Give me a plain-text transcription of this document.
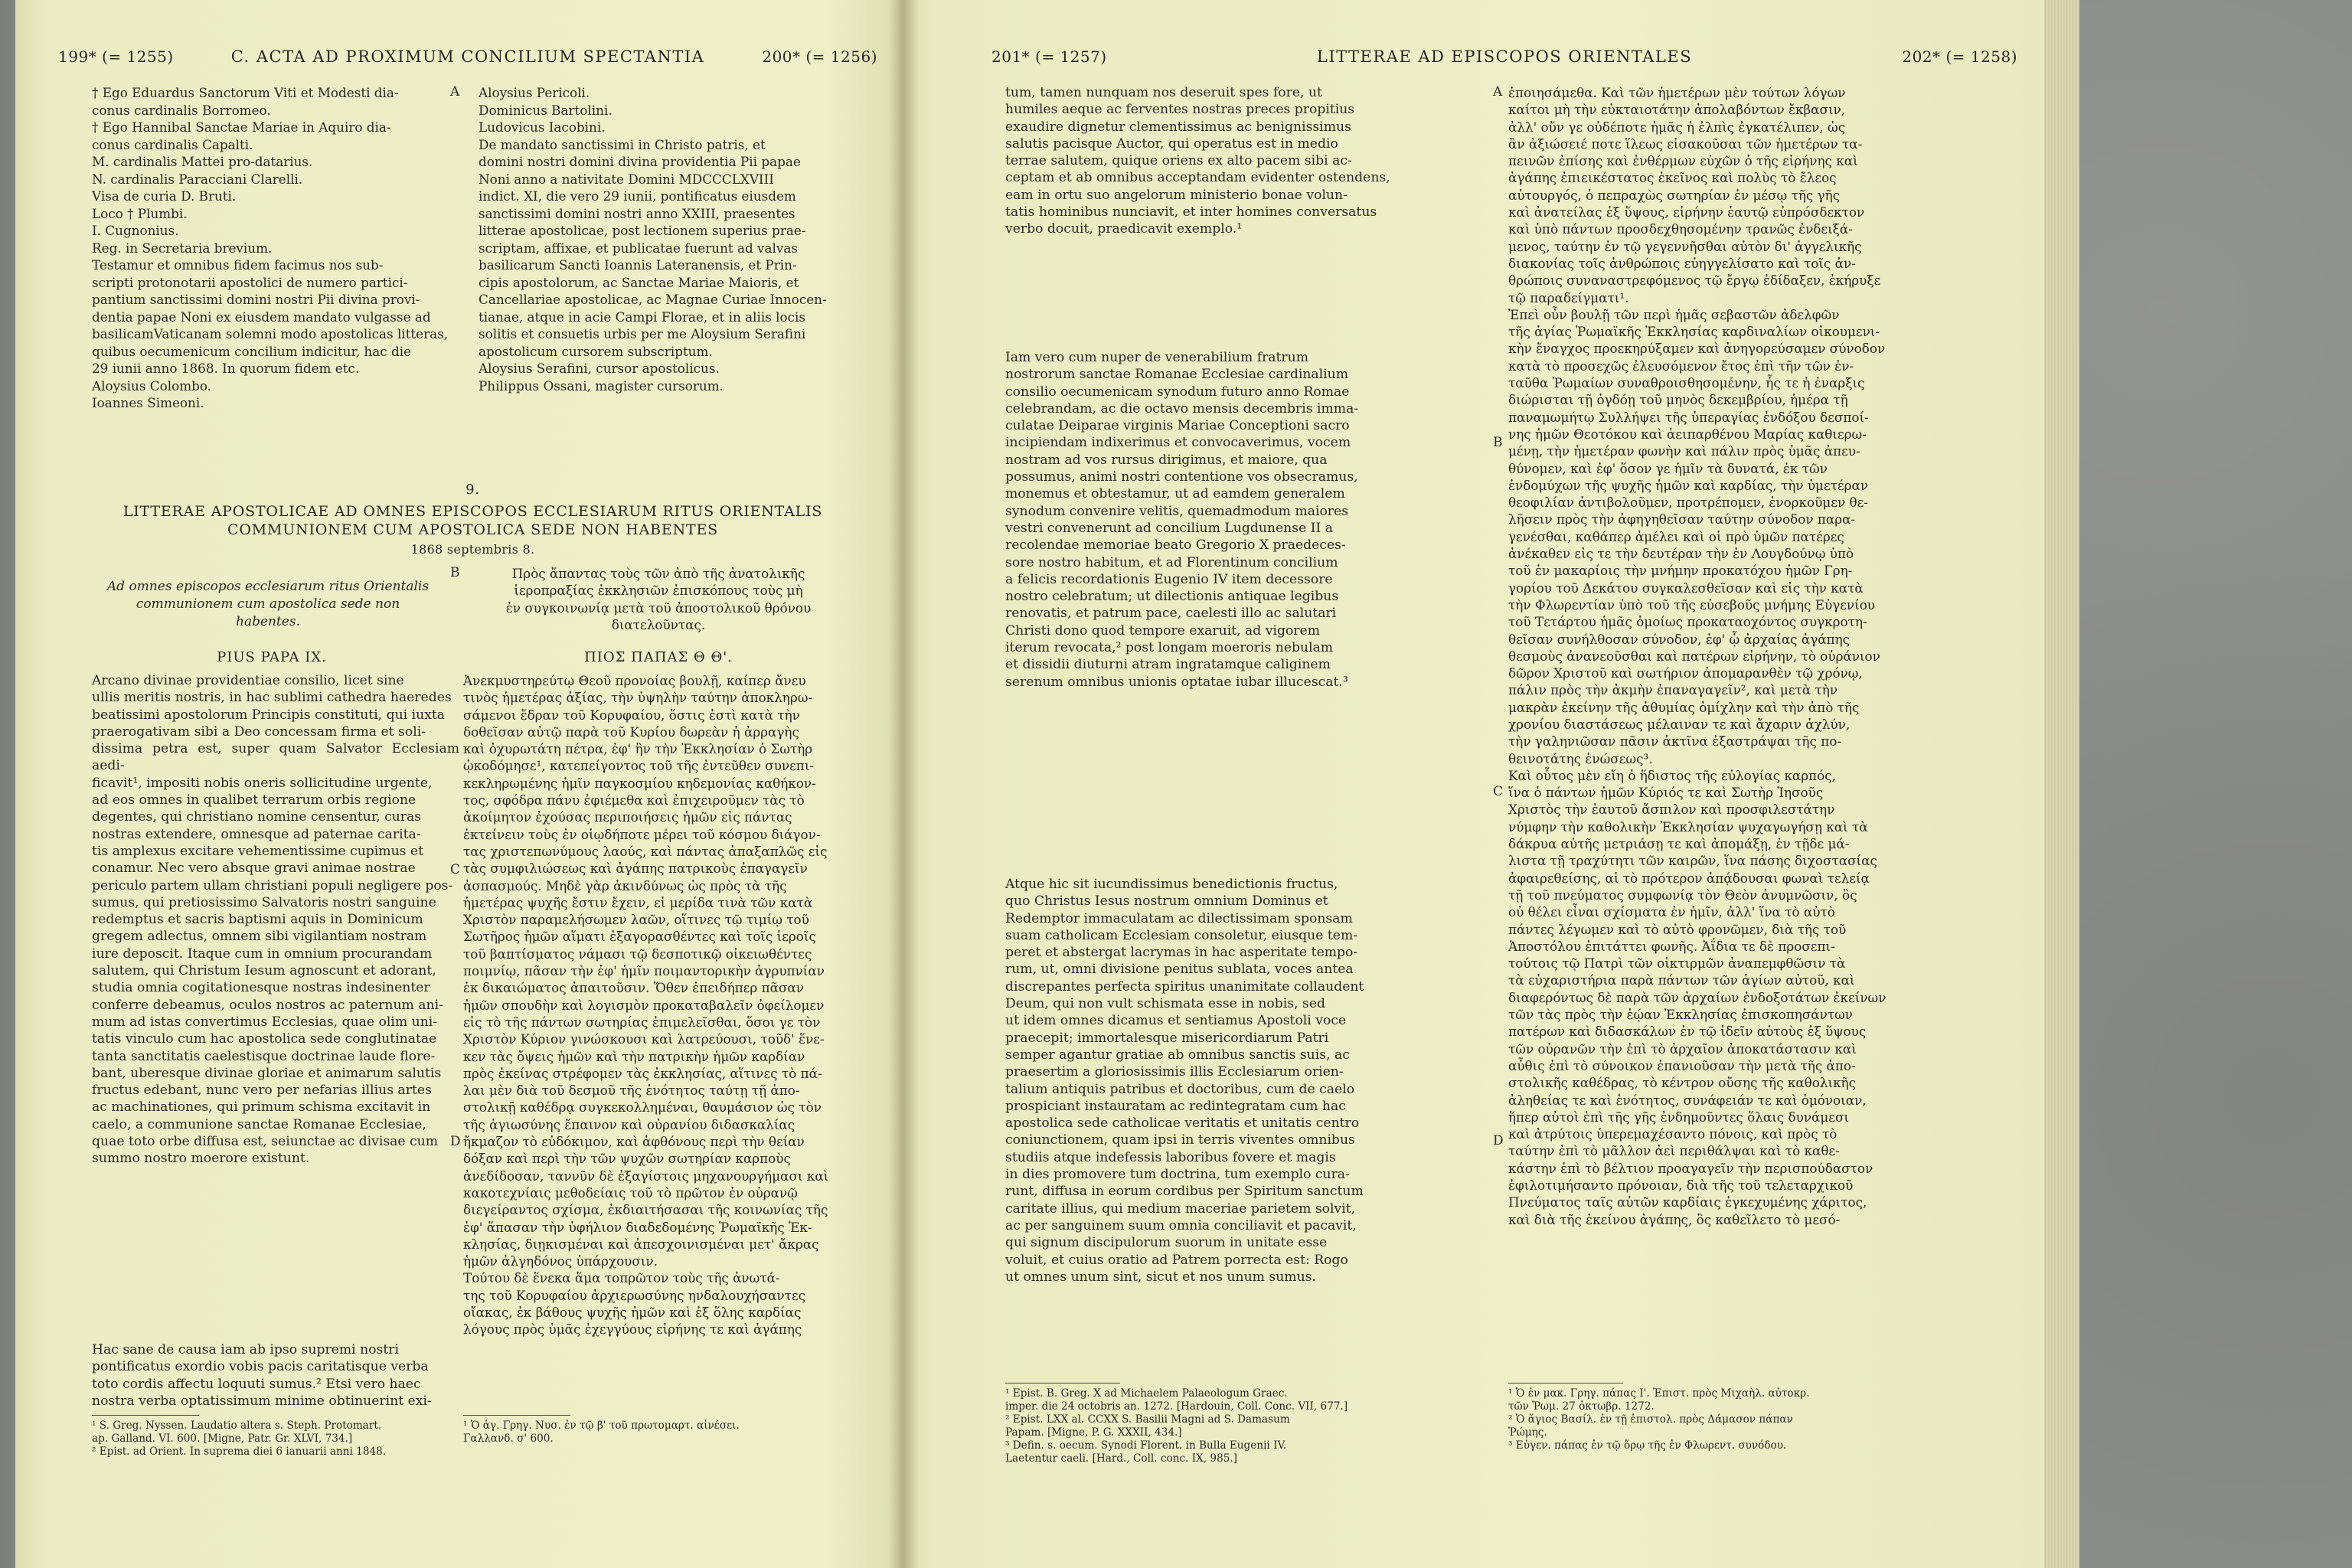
199* (= 1255)	C. ACTA AD PROXIMUM CONCILIUM SPECTANTIA	200* (= 1256)
† Ego Eduardus Sanctorum Viti et Modesti dia-
conus cardinalis Borromeo.
† Ego Hannibal Sanctae Mariae in Aquiro dia-
conus cardinalis Capalti.
M. cardinalis Mattei pro-datarius.
N. cardinalis Paracciani Clarelli.
Visa de curia D. Bruti.
Loco † Plumbi.
I. Cugnonius.
Reg. in Secretaria brevium.
Testamur et omnibus fidem facimus nos sub-
scripti protonotarii apostolici de numero partici-
pantium sanctissimi domini nostri Pii divina provi-
dentia papae Noni ex eiusdem mandato vulgasse ad
basilicamVaticanam solemni modo apostolicas litteras,
quibus oecumenicum concilium indicitur, hac die
29 iunii anno 1868. In quorum fidem etc.
Aloysius Colombo.
Ioannes Simeoni.
A Aloysius Pericoli.
Dominicus Bartolini.
Ludovicus Iacobini.
De mandato sanctissimi in Christo patris, et
domini nostri domini divina providentia Pii papae
Noni anno a nativitate Domini MDCCCLXVIII
indict. XI, die vero 29 iunii, pontificatus eiusdem
sanctissimi domini nostri anno XXIII, praesentes
litterae apostolicae, post lectionem superius prae-
scriptam, affixae, et publicatae fuerunt ad valvas
basilicarum Sancti Ioannis Lateranensis, et Prin-
cipis apostolorum, ac Sanctae Mariae Maioris, et
Cancellariae apostolicae, ac Magnae Curiae Innocen-
tianae, atque in acie Campi Florae, et in aliis locis
solitis et consuetis urbis per me Aloysium Serafini
apostolicum cursorem subscriptum.
Aloysius Serafini, cursor apostolicus.
Philippus Ossani, magister cursorum.
9.
LITTERAE APOSTOLICAE AD OMNES EPISCOPOS ECCLESIARUM RITUS ORIENTALIS
COMMUNIONEM CUM APOSTOLICA SEDE NON HABENTES
1868 septembris 8.
Ad omnes episcopos ecclesiarum ritus Orientalis
communionem cum apostolica sede non
habentes.
B	Πρὸς ἅπαντας τοὺς τῶν ἀπὸ τῆς ἀνατολικῆς
ἱεροπραξίας ἐκκλησιῶν ἐπισκόπους τοὺς μὴ
ἐν συγκοινωνίᾳ μετὰ τοῦ ἀποστολικοῦ θρόνου
διατελοῦντας.
PIUS PAPA IX.	ΠΙΟΣ ΠΑΠΑΣ Θ Θ'.
Arcano divinae providentiae consilio, licet sine
ullis meritis nostris, in hac sublimi cathedra haeredes
beatissimi apostolorum Principis constituti, qui iuxta
praerogativam sibi a Deo concessam firma et soli-
dissima petra est, super quam Salvator Ecclesiam aedi-
ficavit¹, impositi nobis oneris sollicitudine urgente,
ad eos omnes in qualibet terrarum orbis regione
degentes, qui christiano nomine censentur, curas
nostras extendere, omnesque ad paternae carita-
tis amplexus excitare vehementissime cupimus et
conamur. Nec vero absque gravi animae nostrae
periculo partem ullam christiani populi negligere pos-
sumus, qui pretiosissimo Salvatoris nostri sanguine
redemptus et sacris baptismi aquis in Dominicum
gregem adlectus, omnem sibi vigilantiam nostram
iure deposcit. Itaque cum in omnium procurandam
salutem, qui Christum Iesum agnoscunt et adorant,
studia omnia cogitationesque nostras indesinenter
conferre debeamus, oculos nostros ac paternum ani-
mum ad istas convertimus Ecclesias, quae olim uni-
tatis vinculo cum hac apostolica sede conglutinatae
tanta sanctitatis caelestisque doctrinae laude flore-
bant, uberesque divinae gloriae et animarum salutis
fructus edebant, nunc vero per nefarias illius artes
ac machinationes, qui primum schisma excitavit in
caelo, a communione sanctae Romanae Ecclesiae,
quae toto orbe diffusa est, seiunctae ac divisae cum
summo nostro moerore existunt.
C
D
Ἀνεκμυστηρεύτῳ Θεοῦ προνοίας βουλῇ, καίπερ ἄνευ
τινὸς ἡμετέρας ἀξίας, τὴν ὑψηλὴν ταύτην ἀποκληρω-
σάμενοι ἕδραν τοῦ Κορυφαίου, ὅστις ἐστὶ κατὰ τὴν
δοθεῖσαν αὐτῷ παρὰ τοῦ Κυρίου δωρεὰν ἡ ἀρραγὴς
καὶ ὀχυρωτάτη πέτρα, ἐφ' ἣν τὴν Ἐκκλησίαν ὁ Σωτὴρ
ᾠκοδόμησε¹, κατεπείγοντος τοῦ τῆς ἐντεῦθεν συνεπι-
κεκληρωμένης ἡμῖν παγκοσμίου κηδεμονίας καθήκον-
τος, σφόδρα πάνυ ἐφιέμεθα καὶ ἐπιχειροῦμεν τὰς τὸ
ἀκοίμητον ἐχούσας περιποιήσεις ἡμῶν εἰς πάντας
ἐκτείνειν τοὺς ἐν οἱῳδήποτε μέρει τοῦ κόσμου διάγον-
τας χριστεπωνύμους λαούς, καὶ πάντας ἀπαξαπλῶς εἰς
τὰς συμφιλιώσεως καὶ ἀγάπης πατρικοὺς ἐπαγαγεῖν
ἀσπασμούς. Μηδὲ γὰρ ἀκινδύνως ὡς πρὸς τὰ τῆς
ἡμετέρας ψυχῆς ἔστιν ἔχειν, εἰ μερίδα τινὰ τῶν κατὰ
Χριστὸν παραμελήσωμεν λαῶν, οἵτινες τῷ τιμίῳ τοῦ
Σωτῆρος ἡμῶν αἵματι ἐξαγορασθέντες καὶ τοῖς ἱεροῖς
τοῦ βαπτίσματος νάμασι τῷ δεσποτικῷ οἰκειωθέντες
ποιμνίῳ, πᾶσαν τὴν ἐφ' ἡμῖν ποιμαντορικὴν ἀγρυπνίαν
ἐκ δικαιώματος ἀπαιτοῦσιν. Ὅθεν ἐπειδήπερ πᾶσαν
ἡμῶν σπουδὴν καὶ λογισμὸν προκαταβαλεῖν ὀφείλομεν
εἰς τὸ τῆς πάντων σωτηρίας ἐπιμελεῖσθαι, ὅσοι γε τὸν
Χριστὸν Κύριον γινώσκουσι καὶ λατρεύουσι, τοῦδ' ἕνε-
κεν τὰς ὄψεις ἡμῶν καὶ τὴν πατρικὴν ἡμῶν καρδίαν
πρὸς ἐκείνας στρέφομεν τὰς ἐκκλησίας, αἵτινες τὸ πά-
λαι μὲν διὰ τοῦ δεσμοῦ τῆς ἑνότητος ταύτῃ τῇ ἀπο-
στολικῇ καθέδρᾳ συγκεκολλημέναι, θαυμάσιον ὡς τὸν
τῆς ἁγιωσύνης ἔπαινον καὶ οὐρανίου διδασκαλίας
ἤκμαζον τὸ εὐδόκιμον, καὶ ἀφθόνους περὶ τὴν θείαν
δόξαν καὶ περὶ τὴν τῶν ψυχῶν σωτηρίαν καρποὺς
ἀνεδίδοσαν, ταννῦν δὲ ἐξαγίστοις μηχανουργήμασι καὶ
κακοτεχνίαις μεθοδείαις τοῦ τὸ πρῶτον ἐν οὐρανῷ
διεγείραντος σχίσμα, ἐκδιαιτήσασαι τῆς κοινωνίας τῆς
ἐφ' ἅπασαν τὴν ὑφήλιον διαδεδομένης Ῥωμαϊκῆς Ἐκ-
κλησίας, διῃκισμέναι καὶ ἀπεσχοινισμέναι μετ' ἄκρας
ἡμῶν ἀλγηδόνος ὑπάρχουσιν.
Τούτου δὲ ἕνεκα ἅμα τοπρῶτον τοὺς τῆς ἀνωτά-
της τοῦ Κορυφαίου ἀρχιερωσύνης ηνδαλουχήσαντες
οἴακας, ἐκ βάθους ψυχῆς ἡμῶν καὶ ἐξ ὅλης καρδίας
λόγους πρὸς ὑμᾶς ἐχεγγύους εἰρήνης τε καὶ ἀγάπης
Hac sane de causa iam ab ipso supremi nostri
pontificatus exordio vobis pacis caritatisque verba
toto cordis affectu loquuti sumus.² Etsi vero haec
nostra verba optatissimum minime obtinuerint exi-
¹ S. Greg. Nyssen. Laudatio altera s. Steph. Protomart.
ap. Galland. VI. 600. [Migne, Patr. Gr. XLVI, 734.]
² Epist. ad Orient. In suprema diei 6 ianuarii anni 1848.
¹ Ὁ ἁγ. Γρηγ. Νυσ. ἐν τῷ β' τοῦ πρωτομαρτ. αἰνέσει.
Γαλλανδ. σ' 600.
201* (= 1257)	LITTERAE AD EPISCOPOS ORIENTALES	202* (= 1258)
tum, tamen nunquam nos deseruit spes fore, ut
humiles aeque ac ferventes nostras preces propitius
exaudire dignetur clementissimus ac benignissimus
salutis pacisque Auctor, qui operatus est in medio
terrae salutem, quique oriens ex alto pacem sibi ac-
ceptam et ab omnibus acceptandam evidenter ostendens,
eam in ortu suo angelorum ministerio bonae volun-
tatis hominibus nunciavit, et inter homines conversatus
verbo docuit, praedicavit exemplo.¹
A
Iam vero cum nuper de venerabilium fratrum
nostrorum sanctae Romanae Ecclesiae cardinalium
consilio oecumenicam synodum futuro anno Romae
celebrandam, ac die octavo mensis decembris imma-
culatae Deiparae virginis Mariae Conceptioni sacro
incipiendam indixerimus et convocaverimus, vocem
nostram ad vos rursus dirigimus, et maiore, qua
possumus, animi nostri contentione vos obsecramus,
monemus et obtestamur, ut ad eamdem generalem
synodum convenire velitis, quemadmodum maiores
vestri convenerunt ad concilium Lugdunense II a
recolendae memoriae beato Gregorio X praedeces-
sore nostro habitum, et ad Florentinum concilium
a felicis recordationis Eugenio IV item decessore
nostro celebratum; ut dilectionis antiquae legibus
renovatis, et patrum pace, caelesti illo ac salutari
Christi dono quod tempore exaruit, ad vigorem
iterum revocata,² post longam moeroris nebulam
et dissidii diuturni atram ingratamque caliginem
serenum omnibus unionis optatae iubar illucescat.³
B
C
Atque hic sit iucundissimus benedictionis fructus,
quo Christus Iesus nostrum omnium Dominus et
Redemptor immaculatam ac dilectissimam sponsam
suam catholicam Ecclesiam consoletur, eiusque tem-
peret et abstergat lacrymas in hac asperitate tempo-
rum, ut, omni divisione penitus sublata, voces antea
discrepantes perfecta spiritus unanimitate collaudent
Deum, qui non vult schismata esse in nobis, sed
ut idem omnes dicamus et sentiamus Apostoli voce
praecepit; immortalesque misericordiarum Patri
semper agantur gratiae ab omnibus sanctis suis, ac
praesertim a gloriosissimis illis Ecclesiarum orien-
talium antiquis patribus et doctoribus, cum de caelo
prospiciant instauratam ac redintegratam cum hac
apostolica sede catholicae veritatis et unitatis centro
coniunctionem, quam ipsi in terris viventes omnibus
studiis atque indefessis laboribus fovere et magis
in dies promovere tum doctrina, tum exemplo cura-
runt, diffusa in eorum cordibus per Spiritum sanctum
caritate illius, qui medium maceriae parietem solvit,
ac per sanguinem suum omnia conciliavit et pacavit,
qui signum discipulorum suorum in unitate esse
voluit, et cuius oratio ad Patrem porrecta est: Rogo
ut omnes unum sint, sicut et nos unum sumus.
D
ἐποιησάμεθα. Καὶ τῶν ἡμετέρων μὲν τούτων λόγων
καίτοι μὴ τὴν εὐκταιοτάτην ἀπολαβόντων ἔκβασιν,
ἀλλ' οὔν γε οὐδέποτε ἡμᾶς ἡ ἐλπὶς ἐγκατέλιπεν, ὡς
ἂν ἀξιώσειέ ποτε ἵλεως εἰσακοῦσαι τῶν ἡμετέρων τα-
πεινῶν ἐπίσης καὶ ἐνθέρμων εὐχῶν ὁ τῆς εἰρήνης καὶ
ἀγάπης ἐπιεικέστατος ἐκεῖνος καὶ πολὺς τὸ ἔλεος
αὐτουργός, ὁ πεπραχὼς σωτηρίαν ἐν μέσῳ τῆς γῆς
καὶ ἀνατείλας ἐξ ὕψους, εἰρήνην ἑαυτῷ εὐπρόσδεκτον
καὶ ὑπὸ πάντων προσδεχθησομένην τρανῶς ἐνδειξά-
μενος, ταύτην ἐν τῷ γεγεννῆσθαι αὐτὸν δι' ἀγγελικῆς
διακονίας τοῖς ἀνθρώποις εὐηγγελίσατο καὶ τοῖς ἀν-
θρώποις συναναστρεφόμενος τῷ ἔργῳ ἐδίδαξεν, ἐκήρυξε
τῷ παραδείγματι¹.
Ἐπεὶ οὖν βουλῇ τῶν περὶ ἡμᾶς σεβαστῶν ἀδελφῶν
τῆς ἁγίας Ῥωμαϊκῆς Ἐκκλησίας καρδιναλίων οἰκουμενι-
κὴν ἔναγχος προεκηρύξαμεν καὶ ἀνηγορεύσαμεν σύνοδον
κατὰ τὸ προσεχῶς ἐλευσόμενον ἔτος ἐπὶ τῆν τῶν ἐν-
ταῦθα Ῥωμαίων συναθροισθησομένην, ἧς τε ἡ ἐναρξις
διώρισται τῇ ὀγδόῃ τοῦ μηνὸς δεκεμβρίου, ἡμέρα τῇ
παναμωμήτῳ Συλλήψει τῆς ὑπεραγίας ἐνδόξου δεσποί-
νης ἡμῶν Θεοτόκου καὶ ἀειπαρθένου Μαρίας καθιερω-
μένῃ, τὴν ἡμετέραν φωνὴν καὶ πάλιν πρὸς ὑμᾶς ἀπευ-
θύνομεν, καὶ ἐφ' ὅσον γε ἡμῖν τὰ δυνατά, ἐκ τῶν
ἐνδομύχων τῆς ψυχῆς ἡμῶν καὶ καρδίας, τὴν ὑμετέραν
θεοφιλίαν ἀντιβολοῦμεν, προτρέπομεν, ἐνορκοῦμεν θε-
λῆσειν πρὸς τὴν ἀφηγηθεῖσαν ταύτην σύνοδον παρα-
γενέσθαι, καθάπερ ἀμέλει καὶ οἱ πρὸ ὑμῶν πατέρες
ἀνέκαθεν εἰς τε τὴν δευτέραν τὴν ἐν Λουγδούνῳ ὑπὸ
τοῦ ἐν μακαρίοις τὴν μνήμην προκατόχου ἡμῶν Γρη-
γορίου τοῦ Δεκάτου συγκαλεσθεῖσαν καὶ εἰς τὴν κατὰ
τὴν Φλωρεντίαν ὑπὸ τοῦ τῆς εὐσεβοῦς μνήμης Εὐγενίου
τοῦ Τετάρτου ἡμᾶς ὁμοίως προκαταοχόντος συγκροτη-
θεῖσαν συνήλθοσαν σύνοδον, ἐφ' ᾧ ἀρχαίας ἀγάπης
θεσμοὺς ἀνανεοῦσθαι καὶ πατέρων εἰρήνην, τὸ οὐράνιον
δῶρον Χριστοῦ καὶ σωτήριον ἀπομαρανθὲν τῷ χρόνῳ,
πάλιν πρὸς τὴν ἀκμὴν ἐπαναγαγεῖν², καὶ μετὰ τὴν
μακρὰν ἐκείνην τῆς ἀθυμίας ὀμίχλην καὶ τὴν ἀπὸ τῆς
χρονίου διαστάσεως μέλαιναν τε καὶ ἄχαριν ἀχλύν,
τὴν γαληνιῶσαν πᾶσιν ἀκτῖνα ἐξαστράψαι τῆς πο-
θεινοτάτης ἑνώσεως³.
Καὶ οὗτος μὲν εἴη ὁ ἥδιστος τῆς εὐλογίας καρπός,
ἵνα ὁ πάντων ἡμῶν Κύριός τε καὶ Σωτὴρ Ἰησοῦς
Χριστὸς τὴν ἑαυτοῦ ἄσπιλον καὶ προσφιλεστάτην
νύμφην τὴν καθολικὴν Ἐκκλησίαν ψυχαγωγήσῃ καὶ τὰ
δάκρυα αὐτῆς μετριάσῃ τε καὶ ἀπομάξῃ, ἐν τῇδε μά-
λιστα τῇ τραχύτητι τῶν καιρῶν, ἵνα πάσης διχοστασίας
ἀφαιρεθείσης, αἱ τὸ πρότερον ἀπᾴδουσαι φωναὶ τελείᾳ
τῇ τοῦ πνεύματος συμφωνίᾳ τὸν Θεὸν ἀνυμνῶσιν, ὃς
οὐ θέλει εἶναι σχίσματα ἐν ἡμῖν, ἀλλ' ἵνα τὸ αὐτὸ
πάντες λέγωμεν καὶ τὸ αὐτὸ φρονῶμεν, διὰ τῆς τοῦ
Ἀποστόλου ἐπιτάττει φωνῆς. Ἀΐδια τε δὲ προσεπι-
τούτοις τῷ Πατρὶ τῶν οἰκτιρμῶν ἀναπεμφθῶσιν τὰ
τὰ εὐχαριστήρια παρὰ πάντων τῶν ἁγίων αὐτοῦ, καὶ
διαφερόντως δὲ παρὰ τῶν ἀρχαίων ἐνδοξοτάτων ἐκείνων
τῶν τὰς πρὸς τὴν ἑῴαν Ἐκκλησίας ἐπισκοπησάντων
πατέρων καὶ διδασκάλων ἐν τῷ ἰδεῖν αὐτοὺς ἐξ ὕψους
τῶν οὐρανῶν τὴν ἐπὶ τὸ ἀρχαῖον ἀποκατάστασιν καὶ
αὖθις ἐπὶ τὸ σύνοικον ἐπανιοῦσαν τὴν μετὰ τῆς ἀπο-
στολικῆς καθέδρας, τὸ κέντρον οὔσης τῆς καθολικῆς
ἀληθείας τε καὶ ἑνότητος, συνάφειάν τε καὶ ὁμόνοιαν,
ἥπερ αὐτοὶ ἐπὶ τῆς γῆς ἐνδημοῦντες ὅλαις δυνάμεσι
καὶ ἀτρύτοις ὑπερεμαχέσαντο πόνοις, καὶ πρὸς τὸ
ταύτην ἐπὶ τὸ μᾶλλον ἀεὶ περιθάλψαι καὶ τὸ καθε-
κάστην ἐπὶ τὸ βέλτιον προαγαγεῖν τὴν περισπούδαστον
ἐφιλοτιμήσαντο πρόνοιαν, διὰ τῆς τοῦ τελεταρχικοῦ
Πνεύματος ταῖς αὐτῶν καρδίαις ἐγκεχυμένης χάριτος,
καὶ διὰ τῆς ἐκείνου ἀγάπης, ὃς καθεῖλετο τὸ μεσό-
¹ Epist. B. Greg. X ad Michaelem Palaeologum Graec.
imper. die 24 octobris an. 1272. [Hardouin, Coll. Conc. VII, 677.]
² Epist. LXX al. CCXX S. Basilii Magni ad S. Damasum
Papam. [Migne, P. G. XXXII, 434.]
³ Defin. s. oecum. Synodi Florent. in Bulla Eugenii IV.
Laetentur caeli. [Hard., Coll. conc. IX, 985.]
¹ Ὁ ἐν μακ. Γρηγ. πάπας Ι'. Ἐπιστ. πρὸς Μιχαὴλ. αὐτοκρ.
τῶν Ῥωμ. 27 ὀκτωβρ. 1272.
² Ὁ ἅγιος Βασίλ. ἐν τῇ ἐπιστολ. πρὸς Δάμασον πάπαν
Ῥώμης.
³ Εὐγεν. πάπας ἐν τῷ ὅρῳ τῆς ἐν Φλωρεντ. συνόδου.
